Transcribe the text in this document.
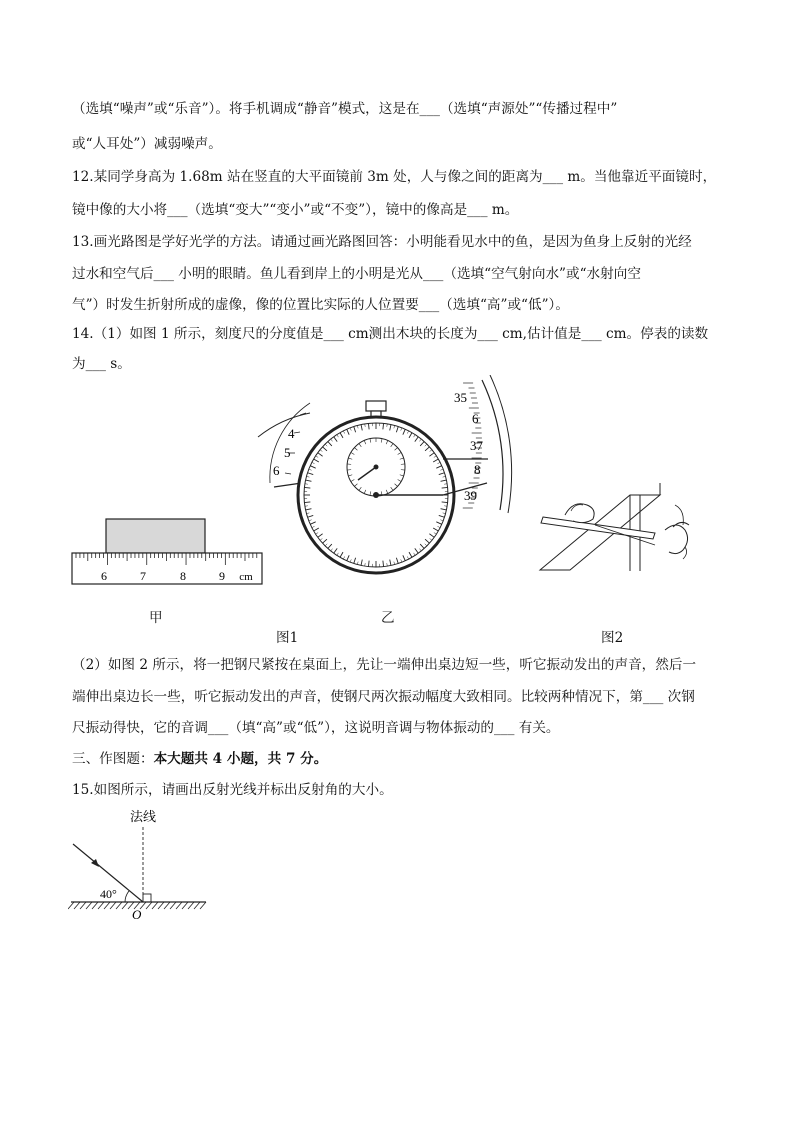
（选填“噪声”或“乐音”）。将手机调成“静音”模式，这是在___（选填“声源处”“传播过程中”
或“人耳处”）减弱噪声。
12.某同学身高为 1.68m 站在竖直的大平面镜前 3m 处，人与像之间的距离为___ m。当他靠近平面镜时，
镜中像的大小将___（选填“变大”“变小”或“不变”），镜中的像高是___ m。
13.画光路图是学好光学的方法。请通过画光路图回答：小明能看见水中的鱼，是因为鱼身上反射的光经
过水和空气后___ 小明的眼睛。鱼儿看到岸上的小明是光从___（选填“空气射向水”或“水射向空
气”）时发生折射所成的虚像，像的位置比实际的人位置要___（选填“高”或“低”）。
14.（1）如图 1 所示，刻度尺的分度值是___ cm测出木块的长度为___ cm,估计值是___ cm。停表的读数
为___ s。
6	7	8	9 cm
4
5
6
35
6
37
8
39
甲	乙
图1	图2
（2）如图 2 所示，将一把钢尺紧按在桌面上，先让一端伸出桌边短一些，听它振动发出的声音，然后一
端伸出桌边长一些，听它振动发出的声音，使钢尺两次振动幅度大致相同。比较两种情况下，第___ 次钢
尺振动得快，它的音调___（填“高”或“低”），这说明音调与物体振动的___ 有关。
三、作图题：本大题共 4 小题，共 7 分。
15.如图所示，请画出反射光线并标出反射角的大小。
法线
40°
O
